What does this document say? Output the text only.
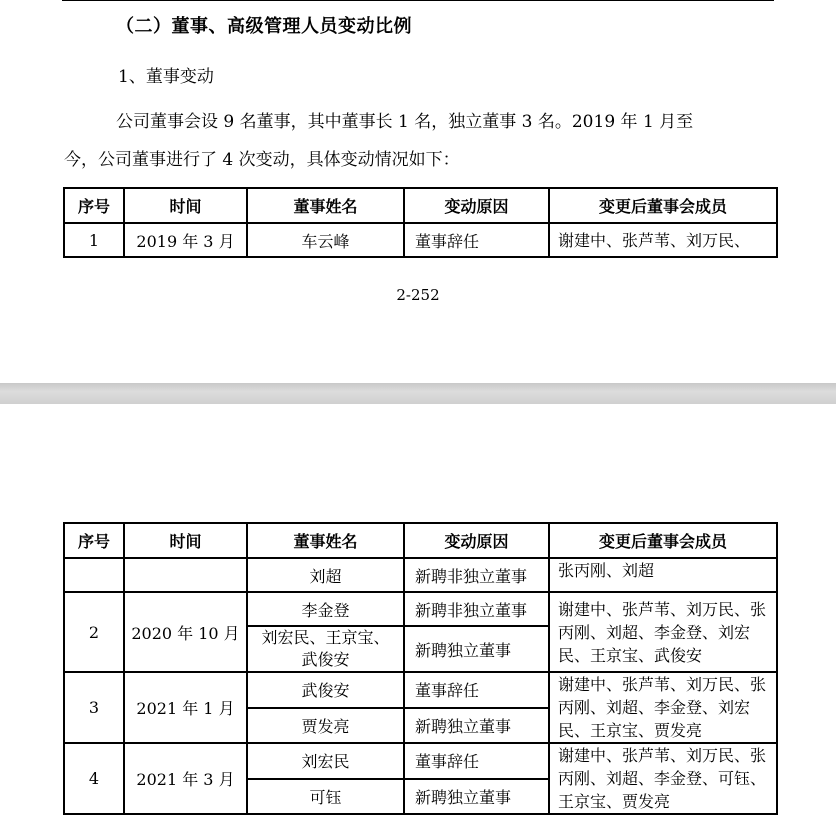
（二）董事、高级管理人员变动比例
1、董事变动
公司董事会设 9 名董事，其中董事长 1 名，独立董事 3 名。2019 年 1 月至
今，公司董事进行了 4 次变动，具体变动情况如下：
序号	时间	董事姓名	变动原因	变更后董事会成员
1	2019 年 3 月	车云峰	董事辞任	谢建中、张芦苇、刘万民、
2-252
序号	时间	董事姓名	变动原因	变更后董事会成员
		刘超	新聘非独立董事	张丙刚、刘超
2	2020 年 10 月	李金登	新聘非独立董事	谢建中、张芦苇、刘万民、张丙刚、刘超、李金登、刘宏民、王京宝、武俊安
		刘宏民、王京宝、武俊安	新聘独立董事	
3	2021 年 1 月	武俊安	董事辞任	谢建中、张芦苇、刘万民、张丙刚、刘超、李金登、刘宏民、王京宝、贾发亮
		贾发亮	新聘独立董事	
4	2021 年 3 月	刘宏民	董事辞任	谢建中、张芦苇、刘万民、张丙刚、刘超、李金登、可钰、王京宝、贾发亮
		可钰	新聘独立董事	
